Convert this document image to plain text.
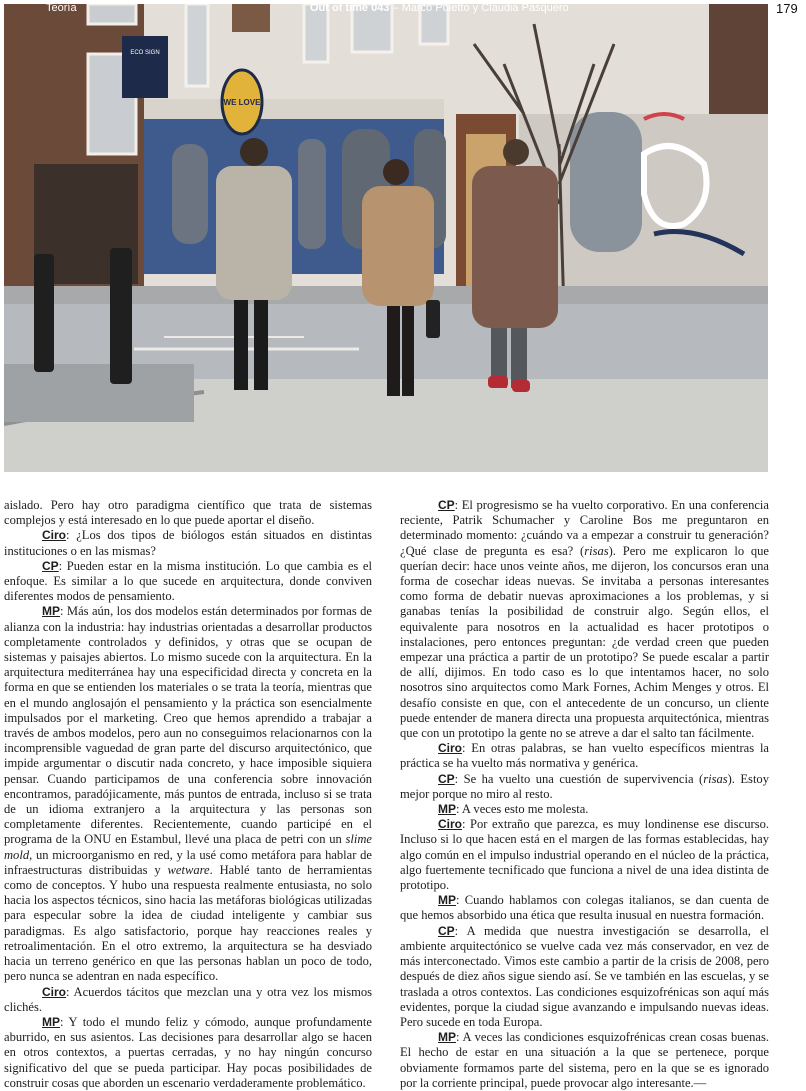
Teoría	Out of time 043 – Marco Poletto y Claudia Pasquero	179
ECO SIGN
WE LOVE

aislado. Pero hay otro paradigma científico que trata de sistemas complejos y está interesado en lo que puede aportar el diseño.

Ciro: ¿Los dos tipos de biólogos están situados en distintas instituciones o en las mismas?

CP: Pueden estar en la misma institución. Lo que cambia es el enfoque. Es similar a lo que sucede en arquitectura, donde conviven diferentes modos de pensamiento.

MP: Más aún, los dos modelos están determinados por formas de alianza con la industria: hay industrias orientadas a desarrollar productos completamente controlados y definidos, y otras que se ocupan de sistemas y paisajes abiertos. Lo mismo sucede con la arquitectura. En la arquitectura mediterránea hay una especificidad directa y concreta en la forma en que se entienden los materiales o se trata la teoría, mientras que en el mundo anglosajón el pensamiento y la práctica son esencialmente impulsados por el marketing. Creo que hemos aprendido a trabajar a través de ambos modelos, pero aun no conseguimos relacionarnos con la incomprensible vaguedad de gran parte del discurso arquitectónico, que impide argumentar o discutir nada concreto, y hace imposible siquiera pensar. Cuando participamos de una conferencia sobre innovación encontramos, paradójicamente, más puntos de entrada, incluso si se trata de un idioma extranjero a la arquitectura y las personas son completamente diferentes. Recientemente, cuando participé en el programa de la ONU en Estambul, llevé una placa de petri con un slime mold, un microorganismo en red, y la usé como metáfora para hablar de infraestructuras distribuidas y wetware. Hablé tanto de herramientas como de conceptos. Y hubo una respuesta realmente entusiasta, no solo hacia los aspectos técnicos, sino hacia las metáforas biológicas utilizadas para especular sobre la idea de ciudad inteligente y cambiar sus paradigmas. Es algo satisfactorio, porque hay reacciones reales y retroalimentación. En el otro extremo, la arquitectura se ha desviado hacia un terreno genérico en que las personas hablan un poco de todo, pero nunca se adentran en nada específico.

Ciro: Acuerdos tácitos que mezclan una y otra vez los mismos clichés.

MP: Y todo el mundo feliz y cómodo, aunque profundamente aburrido, en sus asientos. Las decisiones para desarrollar algo se hacen en otros contextos, a puertas cerradas, y no hay ningún concurso significativo del que se pueda participar. Hay pocas posibilidades de construir cosas que aborden un escenario verdaderamente problemático.

CP: El progresismo se ha vuelto corporativo. En una conferencia reciente, Patrik Schumacher y Caroline Bos me preguntaron en determinado momento: ¿cuándo va a empezar a construir tu generación? ¿Qué clase de pregunta es esa? (risas). Pero me explicaron lo que querían decir: hace unos veinte años, me dijeron, los concursos eran una forma de cosechar ideas nuevas. Se invitaba a personas interesantes como forma de debatir nuevas aproximaciones a los problemas, y si ganabas tenías la posibilidad de construir algo. Según ellos, el equivalente para nosotros en la actualidad es hacer prototipos o instalaciones, pero entonces preguntan: ¿de verdad creen que pueden empezar una práctica a partir de un prototipo? Se puede escalar a partir de allí, dijimos. En todo caso es lo que intentamos hacer, no solo nosotros sino arquitectos como Mark Fornes, Achim Menges y otros. El desafío consiste en que, con el antecedente de un concurso, un cliente puede entender de manera directa una propuesta arquitectónica, mientras que con un prototipo la gente no se atreve a dar el salto tan fácilmente.

Ciro: En otras palabras, se han vuelto específicos mientras la práctica se ha vuelto más normativa y genérica.

CP: Se ha vuelto una cuestión de supervivencia (risas). Estoy mejor porque no miro al resto.

MP: A veces esto me molesta.

Ciro: Por extraño que parezca, es muy londinense ese discurso. Incluso si lo que hacen está en el margen de las formas establecidas, hay algo común en el impulso industrial operando en el núcleo de la práctica, algo fuertemente tecnificado que funciona a nivel de una idea distinta de prototipo.

MP: Cuando hablamos con colegas italianos, se dan cuenta de que hemos absorbido una ética que resulta inusual en nuestra formación.

CP: A medida que nuestra investigación se desarrolla, el ambiente arquitectónico se vuelve cada vez más conservador, en vez de más interconectado. Vimos este cambio a partir de la crisis de 2008, pero después de diez años sigue siendo así. Se ve también en las escuelas, y se traslada a otros contextos. Las condiciones esquizofrénicas son aquí más evidentes, porque la ciudad sigue avanzando e impulsando nuevas ideas. Pero sucede en toda Europa.

MP: A veces las condiciones esquizofrénicas crean cosas buenas. El hecho de estar en una situación a la que se pertenece, porque obviamente formamos parte del sistema, pero en la que se es ignorado por la corriente principal, puede provocar algo interesante.—
